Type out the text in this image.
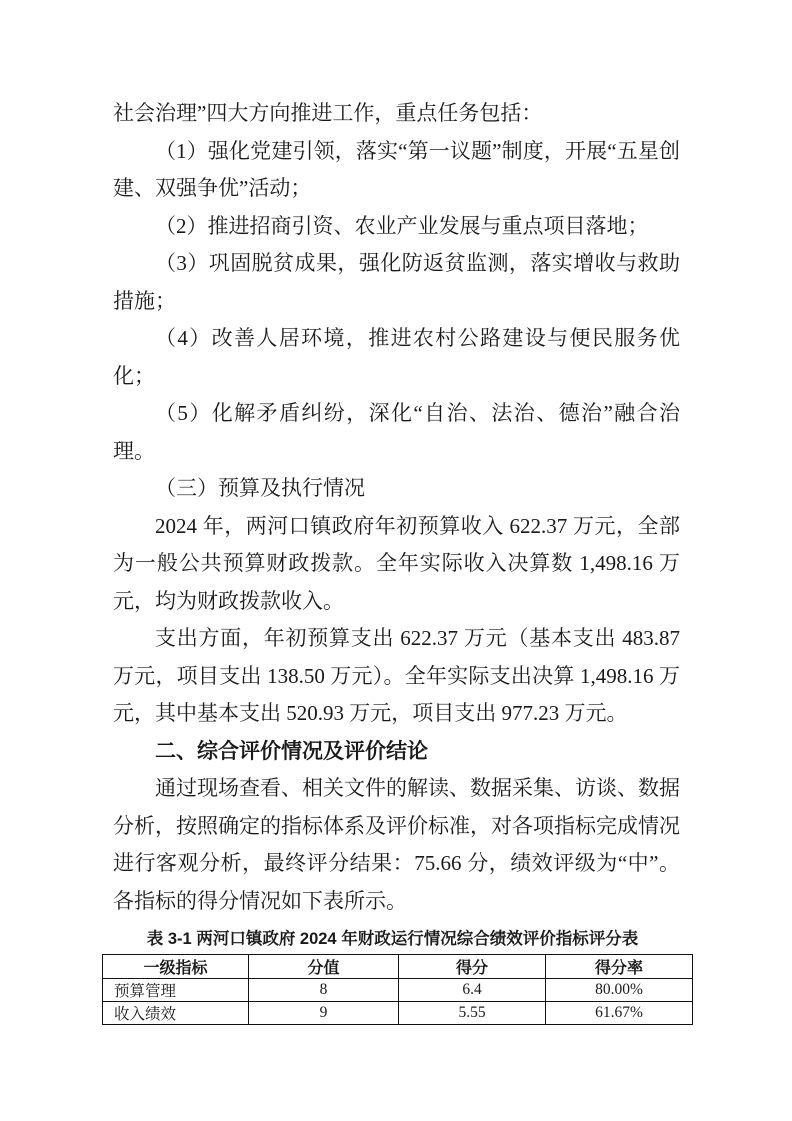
社会治理”四大方向推进工作，重点任务包括：

（1）强化党建引领，落实“第一议题”制度，开展“五星创建、双强争优”活动；

（2）推进招商引资、农业产业发展与重点项目落地；

（3）巩固脱贫成果，强化防返贫监测，落实增收与救助措施；

（4）改善人居环境，推进农村公路建设与便民服务优化；

（5）化解矛盾纠纷，深化“自治、法治、德治”融合治理。

（三）预算及执行情况

2024 年，两河口镇政府年初预算收入 622.37 万元，全部为一般公共预算财政拨款。全年实际收入决算数 1,498.16 万元，均为财政拨款收入。

支出方面，年初预算支出 622.37 万元（基本支出 483.87 万元，项目支出 138.50 万元）。全年实际支出决算 1,498.16 万元，其中基本支出 520.93 万元，项目支出 977.23 万元。

二、综合评价情况及评价结论

通过现场查看、相关文件的解读、数据采集、访谈、数据分析，按照确定的指标体系及评价标准，对各项指标完成情况进行客观分析，最终评分结果：75.66 分，绩效评级为“中”。各指标的得分情况如下表所示。

表 3-1 两河口镇政府 2024 年财政运行情况综合绩效评价指标评分表

一级指标	分值	得分	得分率
预算管理	8	6.4	80.00%
收入绩效	9	5.55	61.67%
